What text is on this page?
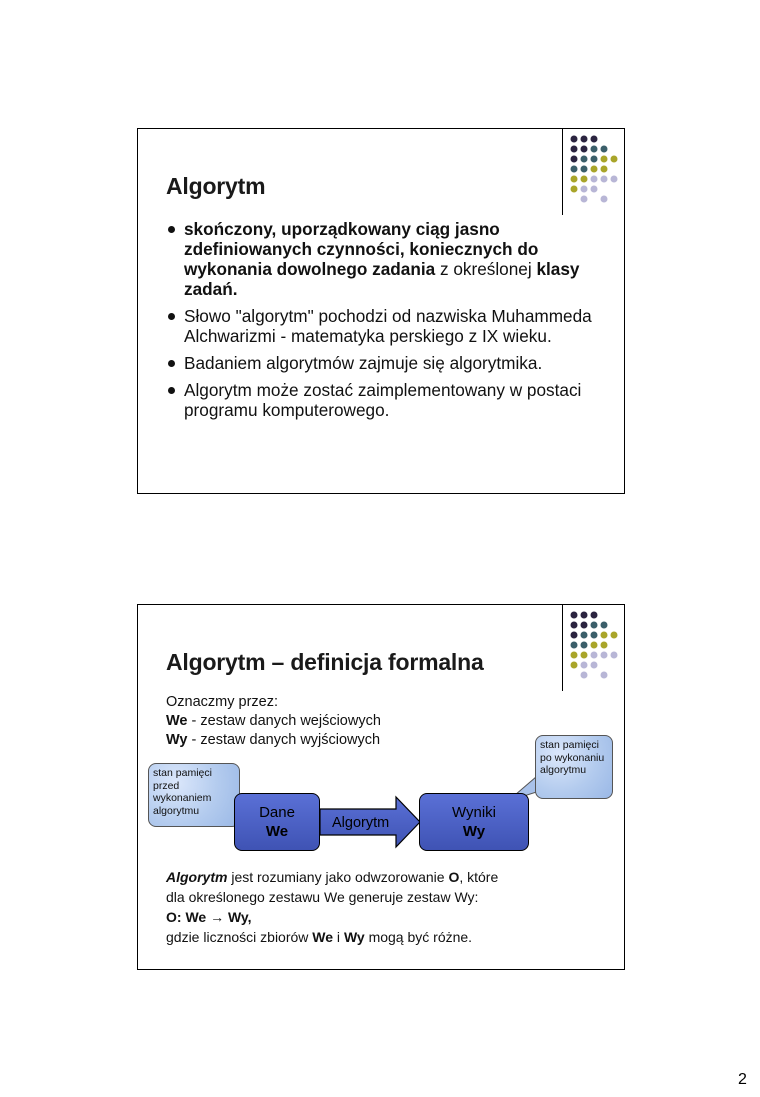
Algorytm
skończony, uporządkowany ciąg jasno zdefiniowanych czynności, koniecznych do wykonania dowolnego zadania z określonej klasy zadań.
Słowo "algorytm" pochodzi od nazwiska Muhammeda Alchwarizmi - matematyka perskiego z IX wieku.
Badaniem algorytmów zajmuje się algorytmika.
Algorytm może zostać zaimplementowany w postaci programu komputerowego.
Algorytm – definicja formalna
Oznaczmy przez:
We - zestaw danych wejściowych
Wy - zestaw danych wyjściowych
stan pamięci przed wykonaniem algorytmu
stan pamięci po wykonaniu algorytmu
Dane
We	Algorytm
Wyniki
Wy
Algorytm jest rozumiany jako odwzorowanie O, które
dla określonego zestawu We generuje zestaw Wy:
O: We → Wy,
gdzie liczności zbiorów We i Wy mogą być różne.
2
